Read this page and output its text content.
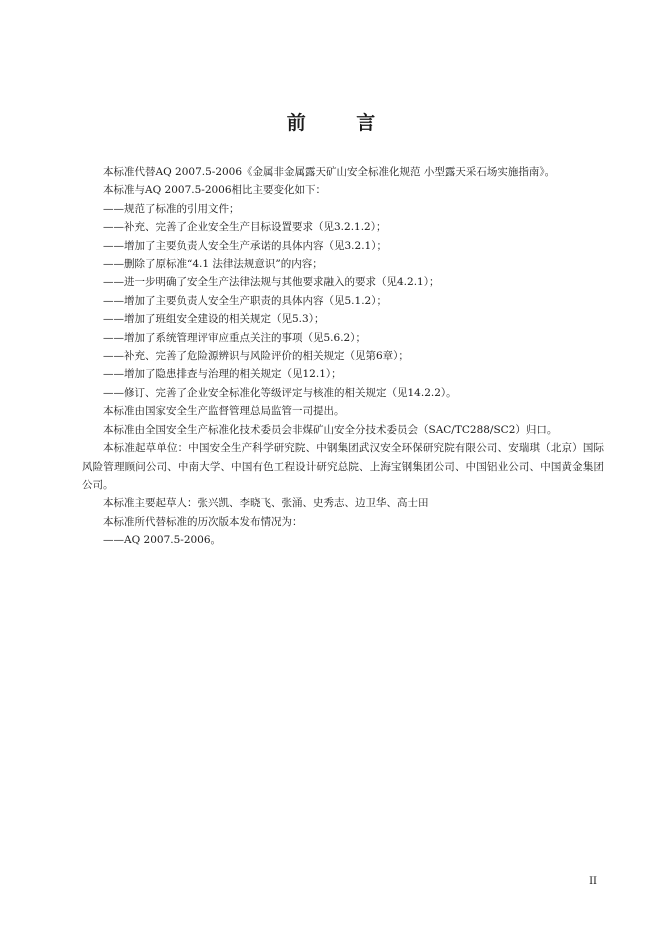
前 言

本标准代替AQ 2007.5-2006《金属非金属露天矿山安全标准化规范 小型露天采石场实施指南》。

本标准与AQ 2007.5-2006相比主要变化如下：

——规范了标准的引用文件；

——补充、完善了企业安全生产目标设置要求（见3.2.1.2）；

——增加了主要负责人安全生产承诺的具体内容（见3.2.1）；

——删除了原标准“4.1 法律法规意识”的内容；

——进一步明确了安全生产法律法规与其他要求融入的要求（见4.2.1）；

——增加了主要负责人安全生产职责的具体内容（见5.1.2）；

——增加了班组安全建设的相关规定（见5.3）；

——增加了系统管理评审应重点关注的事项（见5.6.2）；

——补充、完善了危险源辨识与风险评价的相关规定（见第6章）；

——增加了隐患排查与治理的相关规定（见12.1）；

——修订、完善了企业安全标准化等级评定与核准的相关规定（见14.2.2）。

本标准由国家安全生产监督管理总局监管一司提出。

本标准由全国安全生产标准化技术委员会非煤矿山安全分技术委员会（SAC/TC288/SC2）归口。

本标准起草单位：中国安全生产科学研究院、中钢集团武汉安全环保研究院有限公司、安瑞琪（北京）国际风险管理顾问公司、中南大学、中国有色工程设计研究总院、上海宝钢集团公司、中国铝业公司、中国黄金集团公司。

本标准主要起草人：张兴凯、李晓飞、张涌、史秀志、边卫华、高士田

本标准所代替标准的历次版本发布情况为：

——AQ 2007.5-2006。

II
